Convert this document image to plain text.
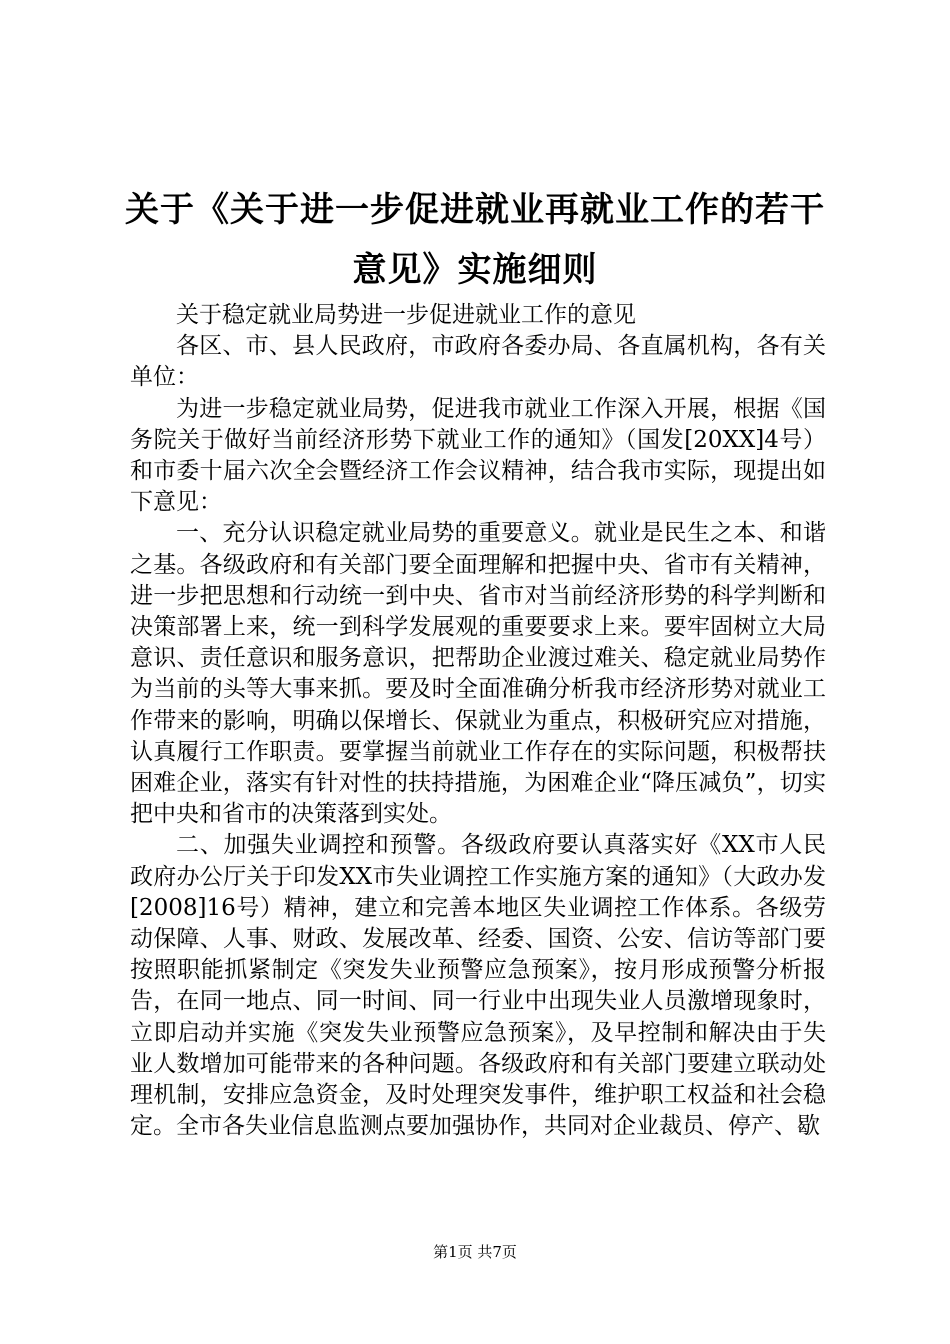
关于《关于进一步促进就业再就业工作的若干
意见》实施细则

关于稳定就业局势进一步促进就业工作的意见

各区、市、县人民政府，市政府各委办局、各直属机构，各有关单位：

为进一步稳定就业局势，促进我市就业工作深入开展，根据《国务院关于做好当前经济形势下就业工作的通知》（国发[20XX]4号）和市委十届六次全会暨经济工作会议精神，结合我市实际，现提出如下意见：

一、充分认识稳定就业局势的重要意义。就业是民生之本、和谐之基。各级政府和有关部门要全面理解和把握中央、省市有关精神，进一步把思想和行动统一到中央、省市对当前经济形势的科学判断和决策部署上来，统一到科学发展观的重要要求上来。要牢固树立大局意识、责任意识和服务意识，把帮助企业渡过难关、稳定就业局势作为当前的头等大事来抓。要及时全面准确分析我市经济形势对就业工作带来的影响，明确以保增长、保就业为重点，积极研究应对措施，认真履行工作职责。要掌握当前就业工作存在的实际问题，积极帮扶困难企业，落实有针对性的扶持措施，为困难企业“降压减负”，切实把中央和省市的决策落到实处。

二、加强失业调控和预警。各级政府要认真落实好《XX市人民政府办公厅关于印发XX市失业调控工作实施方案的通知》（大政办发[2008]16号）精神，建立和完善本地区失业调控工作体系。各级劳动保障、人事、财政、发展改革、经委、国资、公安、信访等部门要按照职能抓紧制定《突发失业预警应急预案》，按月形成预警分析报告，在同一地点、同一时间、同一行业中出现失业人员激增现象时，立即启动并实施《突发失业预警应急预案》，及早控制和解决由于失业人数增加可能带来的各种问题。各级政府和有关部门要建立联动处理机制，安排应急资金，及时处理突发事件，维护职工权益和社会稳定。全市各失业信息监测点要加强协作，共同对企业裁员、停产、歇

第1页 共7页
